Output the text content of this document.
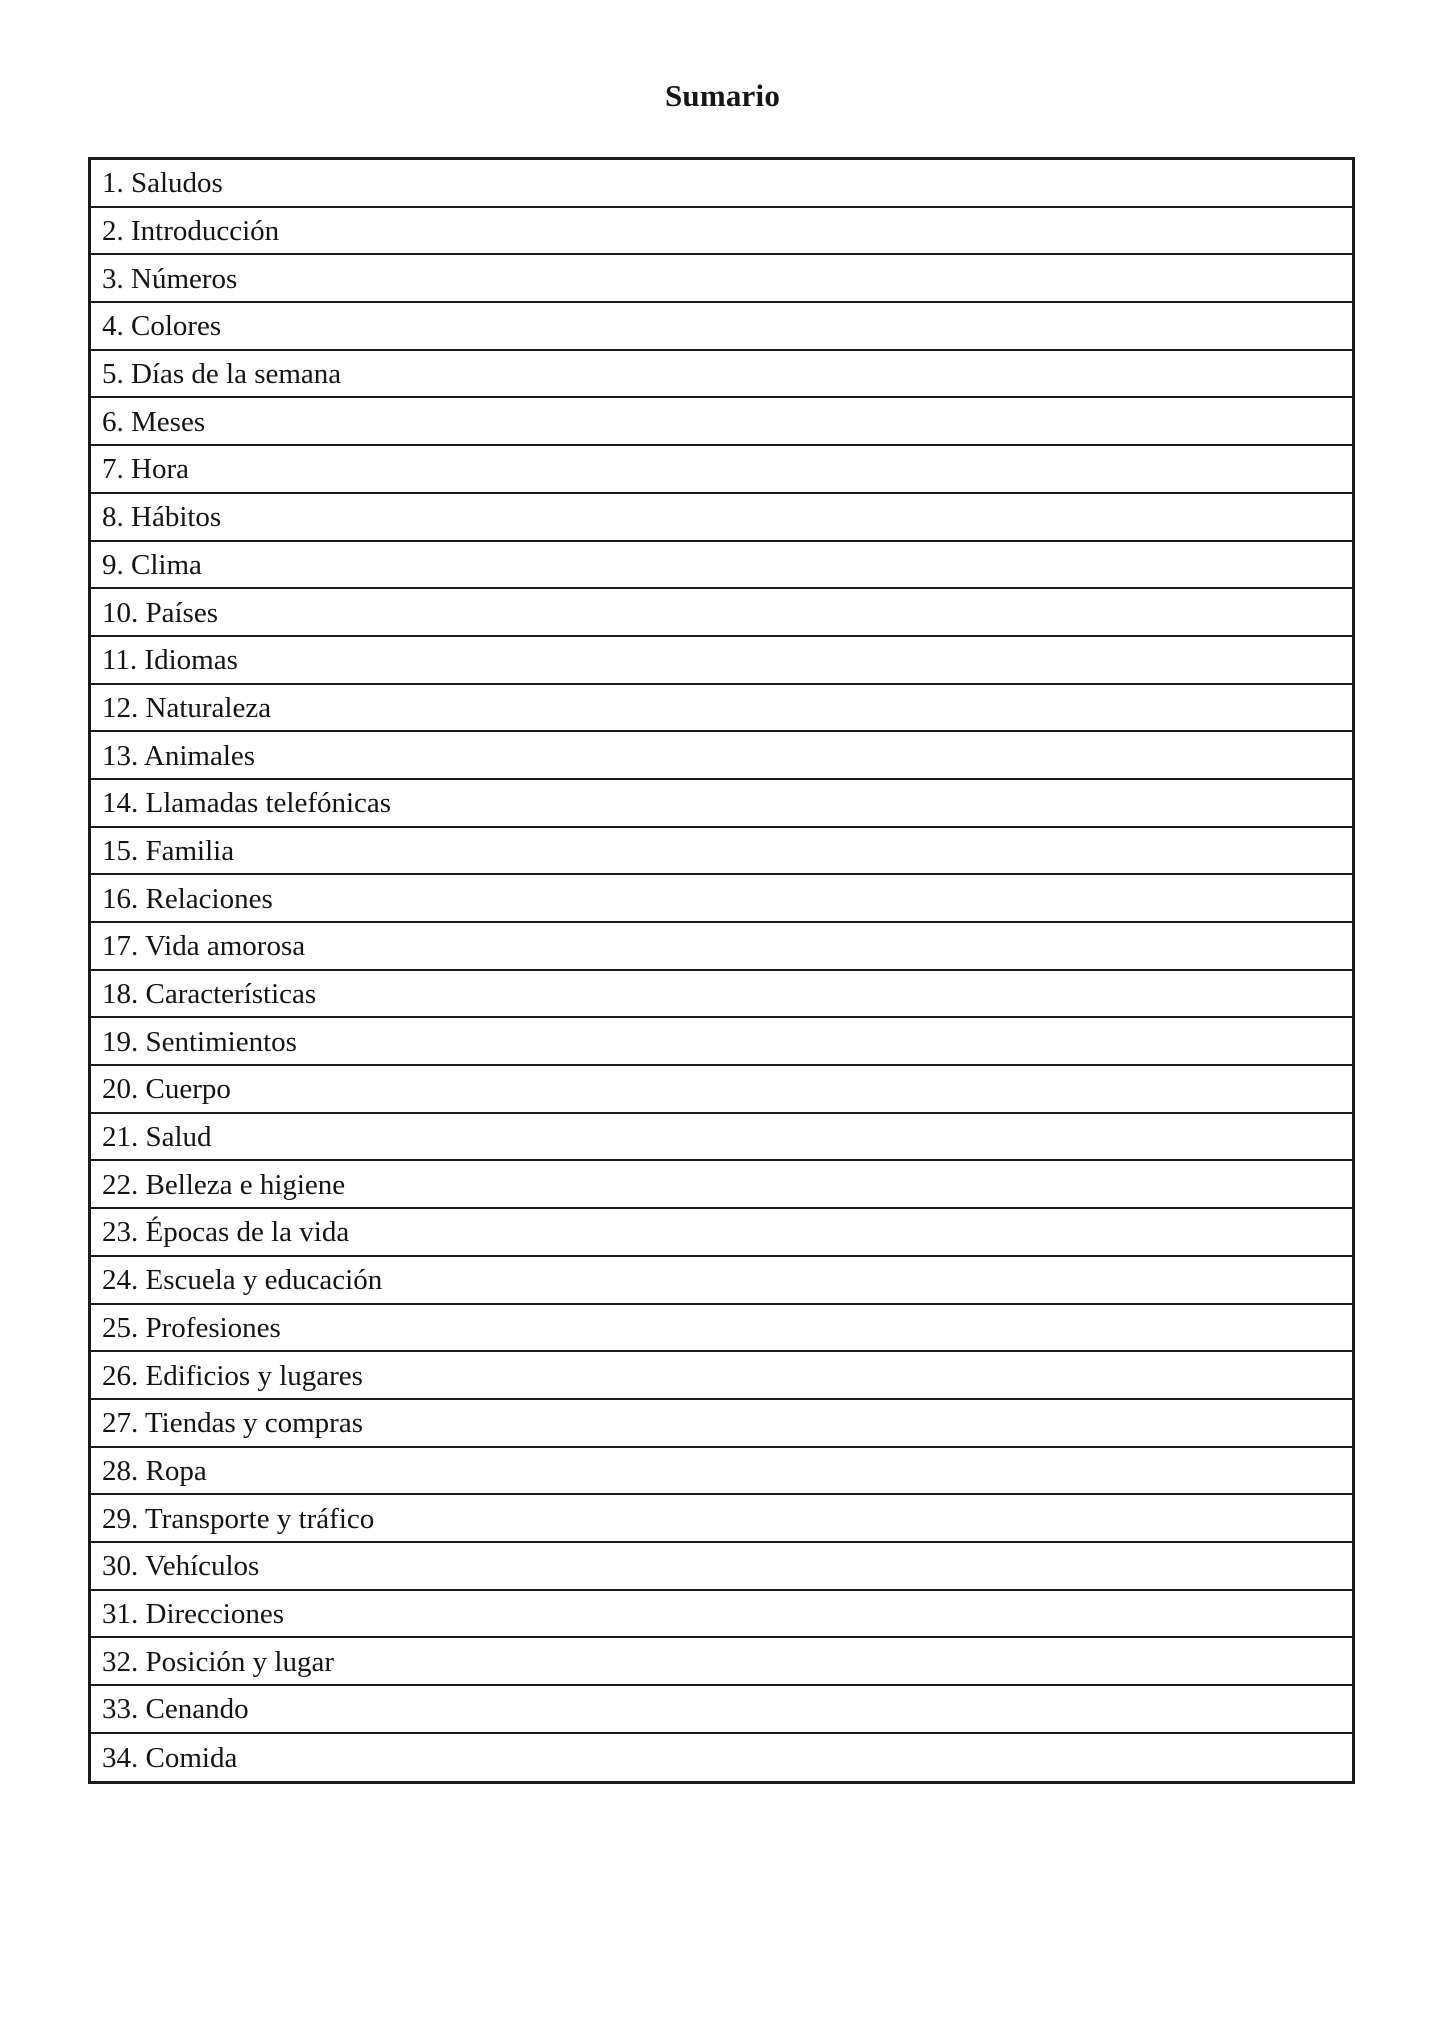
Sumario
1. Saludos
2. Introducción
3. Números
4. Colores
5. Días de la semana
6. Meses
7. Hora
8. Hábitos
9. Clima
10. Países
11. Idiomas
12. Naturaleza
13. Animales
14. Llamadas telefónicas
15. Familia
16. Relaciones
17. Vida amorosa
18. Características
19. Sentimientos
20. Cuerpo
21. Salud
22. Belleza e higiene
23. Épocas de la vida
24. Escuela y educación
25. Profesiones
26. Edificios y lugares
27. Tiendas y compras
28. Ropa
29. Transporte y tráfico
30. Vehículos
31. Direcciones
32. Posición y lugar
33. Cenando
34. Comida
